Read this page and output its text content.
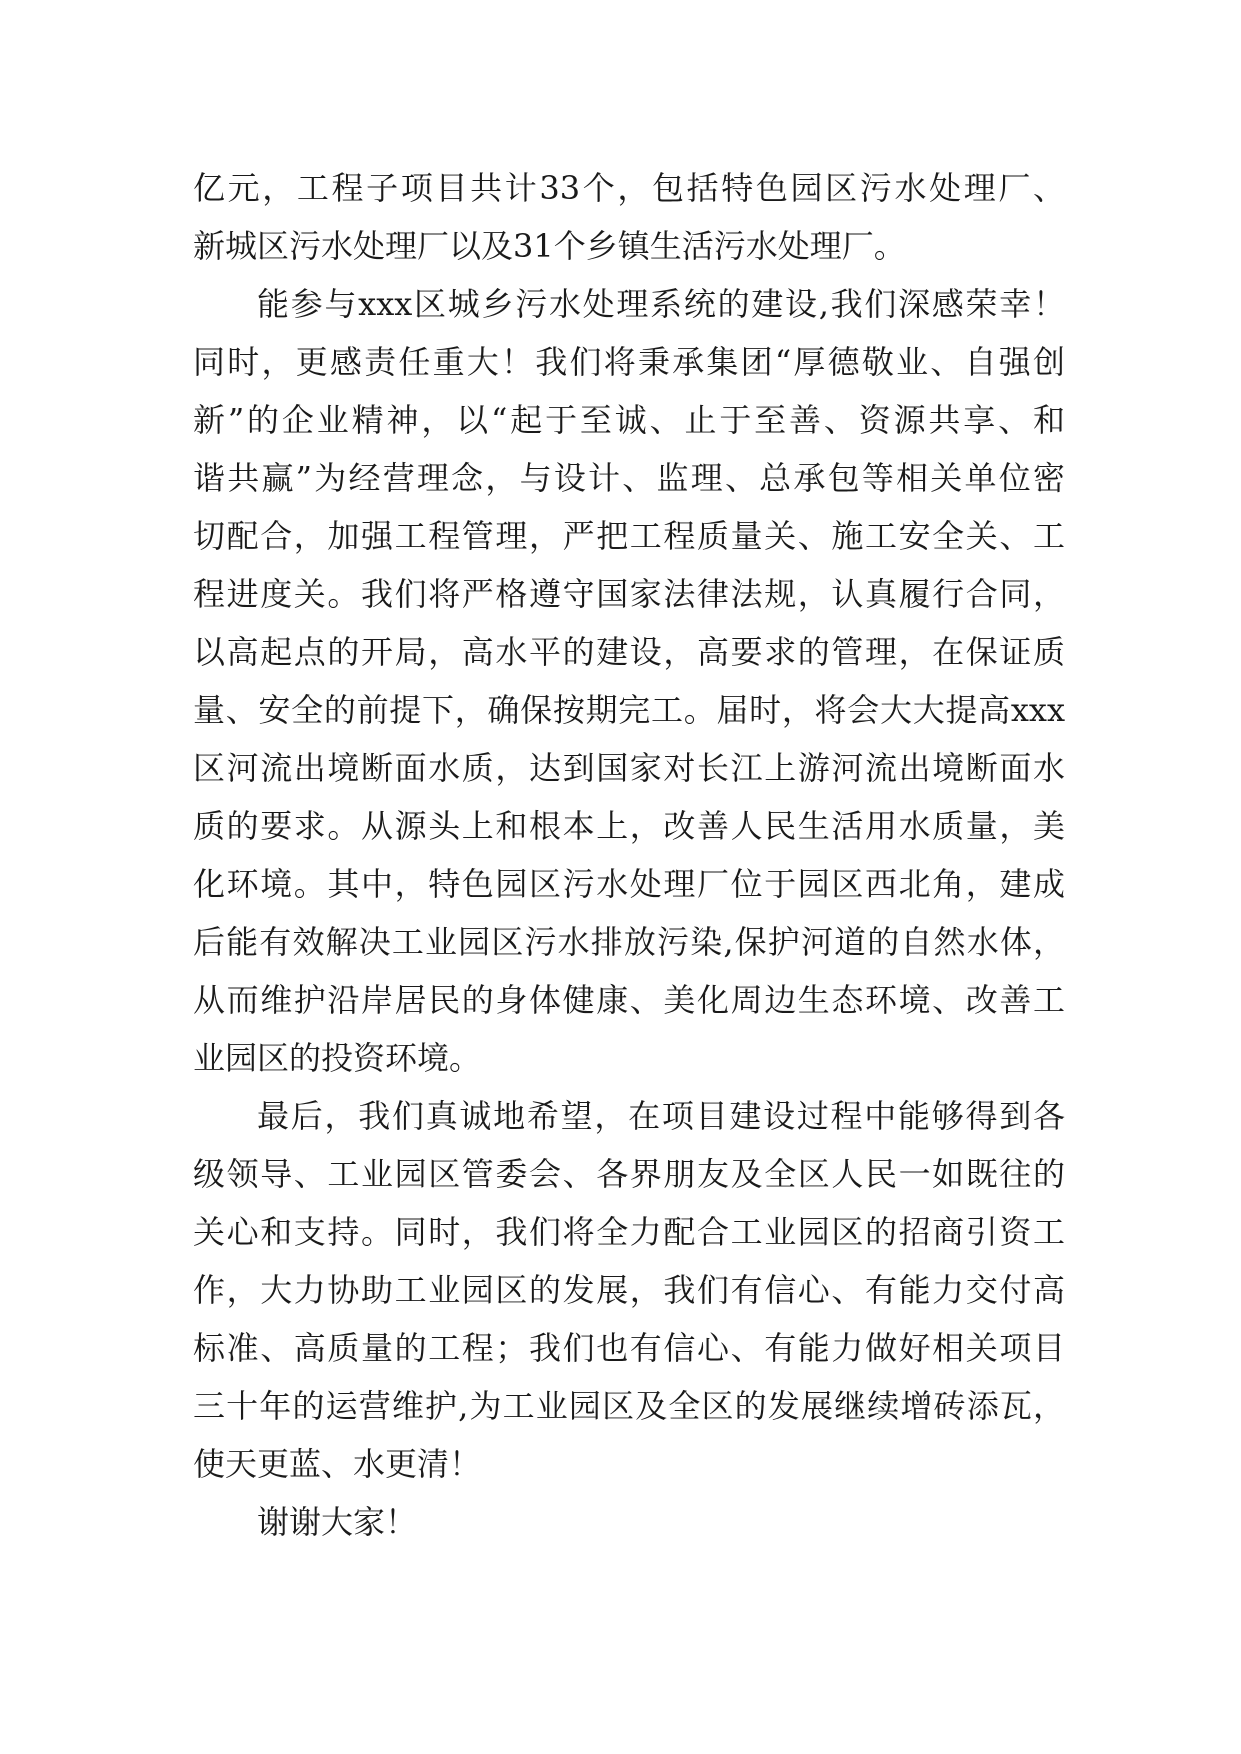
亿元，工程子项目共计33个，包括特色园区污水处理厂、
新城区污水处理厂以及31个乡镇生活污水处理厂。
能参与xxx区城乡污水处理系统的建设,我们深感荣幸！
同时，更感责任重大！我们将秉承集团“厚德敬业、自强创
新”的企业精神，以“起于至诚、止于至善、资源共享、和
谐共赢”为经营理念，与设计、监理、总承包等相关单位密
切配合，加强工程管理，严把工程质量关、施工安全关、工
程进度关。我们将严格遵守国家法律法规，认真履行合同，
以高起点的开局，高水平的建设，高要求的管理，在保证质
量、安全的前提下，确保按期完工。届时，将会大大提高xxx
区河流出境断面水质，达到国家对长江上游河流出境断面水
质的要求。从源头上和根本上，改善人民生活用水质量，美
化环境。其中，特色园区污水处理厂位于园区西北角，建成
后能有效解决工业园区污水排放污染,保护河道的自然水体，
从而维护沿岸居民的身体健康、美化周边生态环境、改善工
业园区的投资环境。
最后，我们真诚地希望，在项目建设过程中能够得到各
级领导、工业园区管委会、各界朋友及全区人民一如既往的
关心和支持。同时，我们将全力配合工业园区的招商引资工
作，大力协助工业园区的发展，我们有信心、有能力交付高
标准、高质量的工程；我们也有信心、有能力做好相关项目
三十年的运营维护,为工业园区及全区的发展继续增砖添瓦，
使天更蓝、水更清！
谢谢大家！
